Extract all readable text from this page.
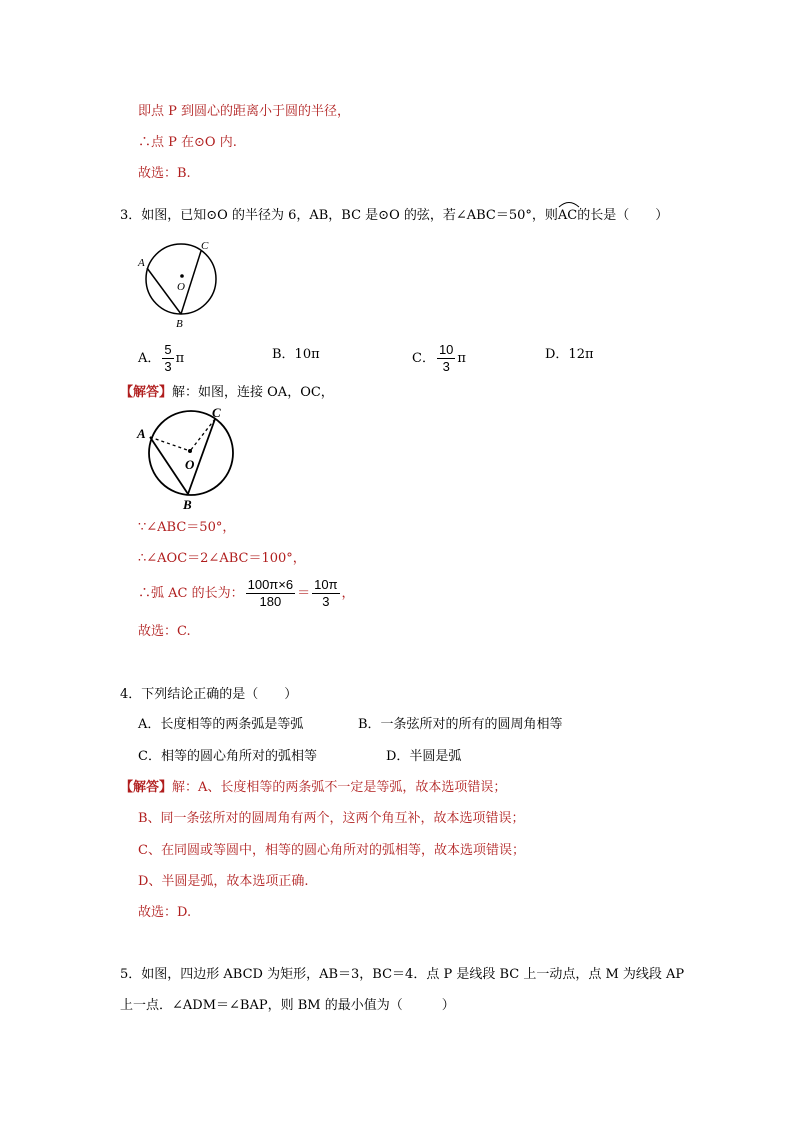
即点 P 到圆心的距离小于圆的半径，
∴点 P 在⊙O 内.
故选：B.
3．如图，已知⊙O 的半径为 6，AB，BC 是⊙O 的弦，若∠ABC＝50°，则
AC的长是（　　）
A
C
O
B
A． $\frac{5}{3}$ π	B．10π	C． $\frac{10}{3}$ π	D．12π
【解答】解：如图，连接 OA，OC，
A
C
O
B
∵∠ABC＝50°，
∴∠AOC＝2∠ABC＝100°，
∴弧 AC 的长为： $\frac{100\pi\times 6}{180} = \frac{10\pi}{3}$ ，
故选：C.
4．下列结论正确的是（　　）
A．长度相等的两条弧是等弧	B．一条弦所对的所有的圆周角相等
C．相等的圆心角所对的弧相等	D．半圆是弧
【解答】解：A、长度相等的两条弧不一定是等弧，故本选项错误；
B、同一条弦所对的圆周角有两个，这两个角互补，故本选项错误；
C、在同圆或等圆中，相等的圆心角所对的弧相等，故本选项错误；
D、半圆是弧，故本选项正确.
故选：D.
5．如图，四边形 ABCD 为矩形，AB＝3，BC＝4．点 P 是线段 BC 上一动点，点 M 为线段 AP
上一点．∠ADM＝∠BAP，则 BM 的最小值为（　　　）
